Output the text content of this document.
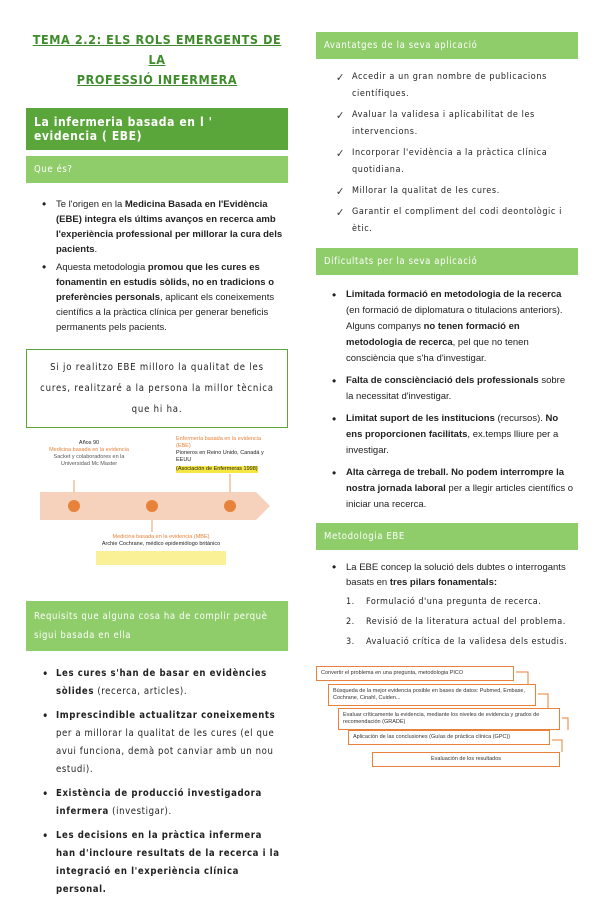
TEMA 2.2: ELS ROLS EMERGENTS DE LA
PROFESSIÓ INFERMERA
La infermeria basada en l ' evidencia ( EBE)
Que és?
• Te l'origen en la Medicina Basada en l'Evidència (EBE) integra els últims avanços en recerca amb l'experiència professional per millorar la cura dels pacients.
• Aquesta metodologia promou que les cures es fonamentin en estudis sòlids, no en tradicions o preferències personals, aplicant els coneixements científics a la pràctica clínica per generar beneficis permanents pels pacients.
Si jo realitzo EBE milloro la qualitat de les cures, realitzaré a la persona la millor tècnica que hi ha.
Años 90
Medicina basada en la evidencia
Sacket y colaboradores en la Universidad Mc Master
Enfermería basada en la evidencia (EBE)
Pioneros en Reino Unido, Canadá y EEUU
(Asociación de Enfermeras 1998)
Medicina basada en la evidencia (MBE)
Archie Cochrane, médico epidemiólogo británico
Requisits que alguna cosa ha de complir perquè sigui basada en ella
• Les cures s'han de basar en evidències sòlides (recerca, articles).
• Imprescindible actualitzar coneixements per a millorar la qualitat de les cures (el que avui funciona, demà pot canviar amb un nou estudi).
• Existència de producció investigadora infermera (investigar).
• Les decisions en la pràctica infermera han d'incloure resultats de la recerca i la integració en l'experiència clínica personal.
Avantatges de la seva aplicació
✓ Accedir a un gran nombre de publicacions científiques.
✓ Avaluar la validesa i aplicabilitat de les intervencions.
✓ Incorporar l'evidència a la pràctica clínica quotidiana.
✓ Millorar la qualitat de les cures.
✓ Garantir el compliment del codi deontològic i ètic.
Dificultats per la seva aplicació
• Limitada formació en metodologia de la recerca (en formació de diplomatura o titulacions anteriors). Alguns companys no tenen formació en metodologia de recerca, pel que no tenen consciència que s'ha d'investigar.
• Falta de consciènciació dels professionals sobre la necessitat d'investigar.
• Limitat suport de les institucions (recursos). No ens proporcionen facilitats, ex.temps lliure per a investigar.
• Alta càrrega de treball. No podem interrompre la nostra jornada laboral per a llegir articles científics o iniciar una recerca.
Metodologia EBE
• La EBE concep la solució dels dubtes o interrogants basats en tres pilars fonamentals:
1. Formulació d'una pregunta de recerca.
2. Revisió de la literatura actual del problema.
3. Avaluació crítica de la validesa dels estudis.
Convertir el problema en una pregunta, metodologia PICO
Búsqueda de la mejor evidencia posible en bases de datos: Pubmed, Embase, Cochrane, Cinahl, Cuiden...
Evaluar críticamente la evidencia, mediante los niveles de evidencia y grados de recomendación (GRADE)
Aplicación de las conclusiones (Guías de práctica clínica (GPC))
Evaluación de los resultados
